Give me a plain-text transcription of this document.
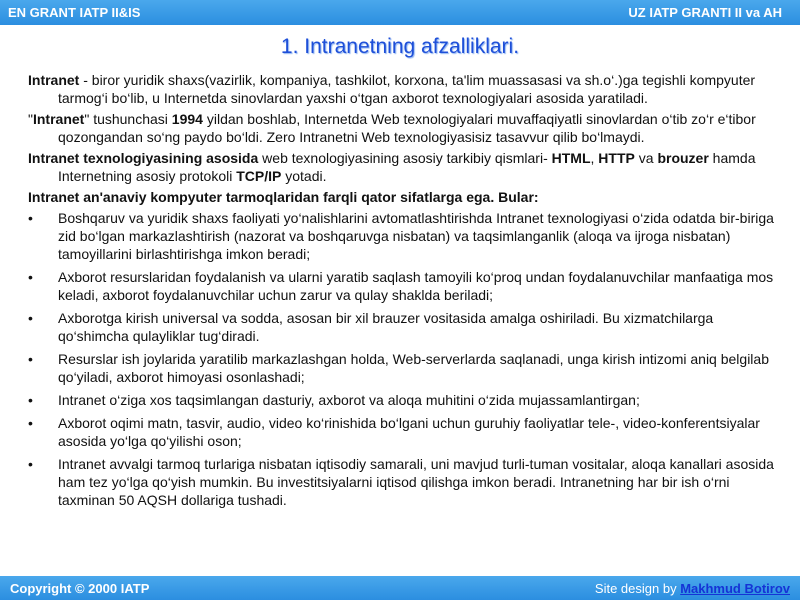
EN GRANT IATP II&IS	UZ IATP GRANTI II va AH
1. Intranetning afzalliklari.

Intranet - biror yuridik shaxs(vazirlik, kompaniya, tashkilot, korxona, ta'lim muassasasi va sh.o‘.)ga tegishli kompyuter tarmog‘i bo‘lib, u Internetda sinovlardan yaxshi o‘tgan axborot texnologiyalari asosida yaratiladi.

"Intranet" tushunchasi 1994 yildan boshlab, Internetda Web texnologiyalari muvaffaqiyatli sinovlardan o‘tib zo‘r e‘tibor qozongandan so‘ng paydo bo‘ldi. Zero Intranetni Web texnologiyasisiz tasavvur qilib bo‘lmaydi.

Intranet texnologiyasining asosida web texnologiyasining asosiy tarkibiy qismlari- HTML, HTTP va brouzer hamda Internetning asosiy protokoli TCP/IP yotadi.

Intranet an'anaviy kompyuter tarmoqlaridan farqli qator sifatlarga ega. Bular:

•	Boshqaruv va yuridik shaxs faoliyati yo‘nalishlarini avtomatlashtirishda Intranet texnologiyasi o‘zida odatda bir-biriga zid bo‘lgan markazlashtirish (nazorat va boshqaruvga nisbatan) va taqsimlanganlik (aloqa va ijroga nisbatan) tamoyillarini birlashtirishga imkon beradi;
•	Axborot resurslaridan foydalanish va ularni yaratib saqlash tamoyili ko‘proq undan foydalanuvchilar manfaatiga mos keladi, axborot foydalanuvchilar uchun zarur va qulay shaklda beriladi;
•	Axborotga kirish universal va sodda, asosan bir xil brauzer vositasida amalga oshiriladi. Bu xizmatchilarga qo‘shimcha qulayliklar tug‘diradi.
•	Resurslar ish joylarida yaratilib markazlashgan holda, Web-serverlarda saqlanadi, unga kirish intizomi aniq belgilab qo‘yiladi, axborot himoyasi osonlashadi;
•	Intranet o‘ziga xos taqsimlangan dasturiy, axborot va aloqa muhitini o‘zida mujassamlantirgan;
•	Axborot oqimi matn, tasvir, audio, video ko‘rinishida bo‘lgani uchun guruhiy faoliyatlar tele-, video-konferentsiyalar asosida yo‘lga qo‘yilishi oson;
•	Intranet avvalgi tarmoq turlariga nisbatan iqtisodiy samarali, uni mavjud turli-tuman vositalar, aloqa kanallari asosida ham tez yo‘lga qo‘yish mumkin. Bu investitsiyalarni iqtisod qilishga imkon beradi. Intranetning har bir ish o‘rni taxminan 50 AQSH dollariga tushadi.
Copyright © 2000 IATP	Site design by Makhmud Botirov
